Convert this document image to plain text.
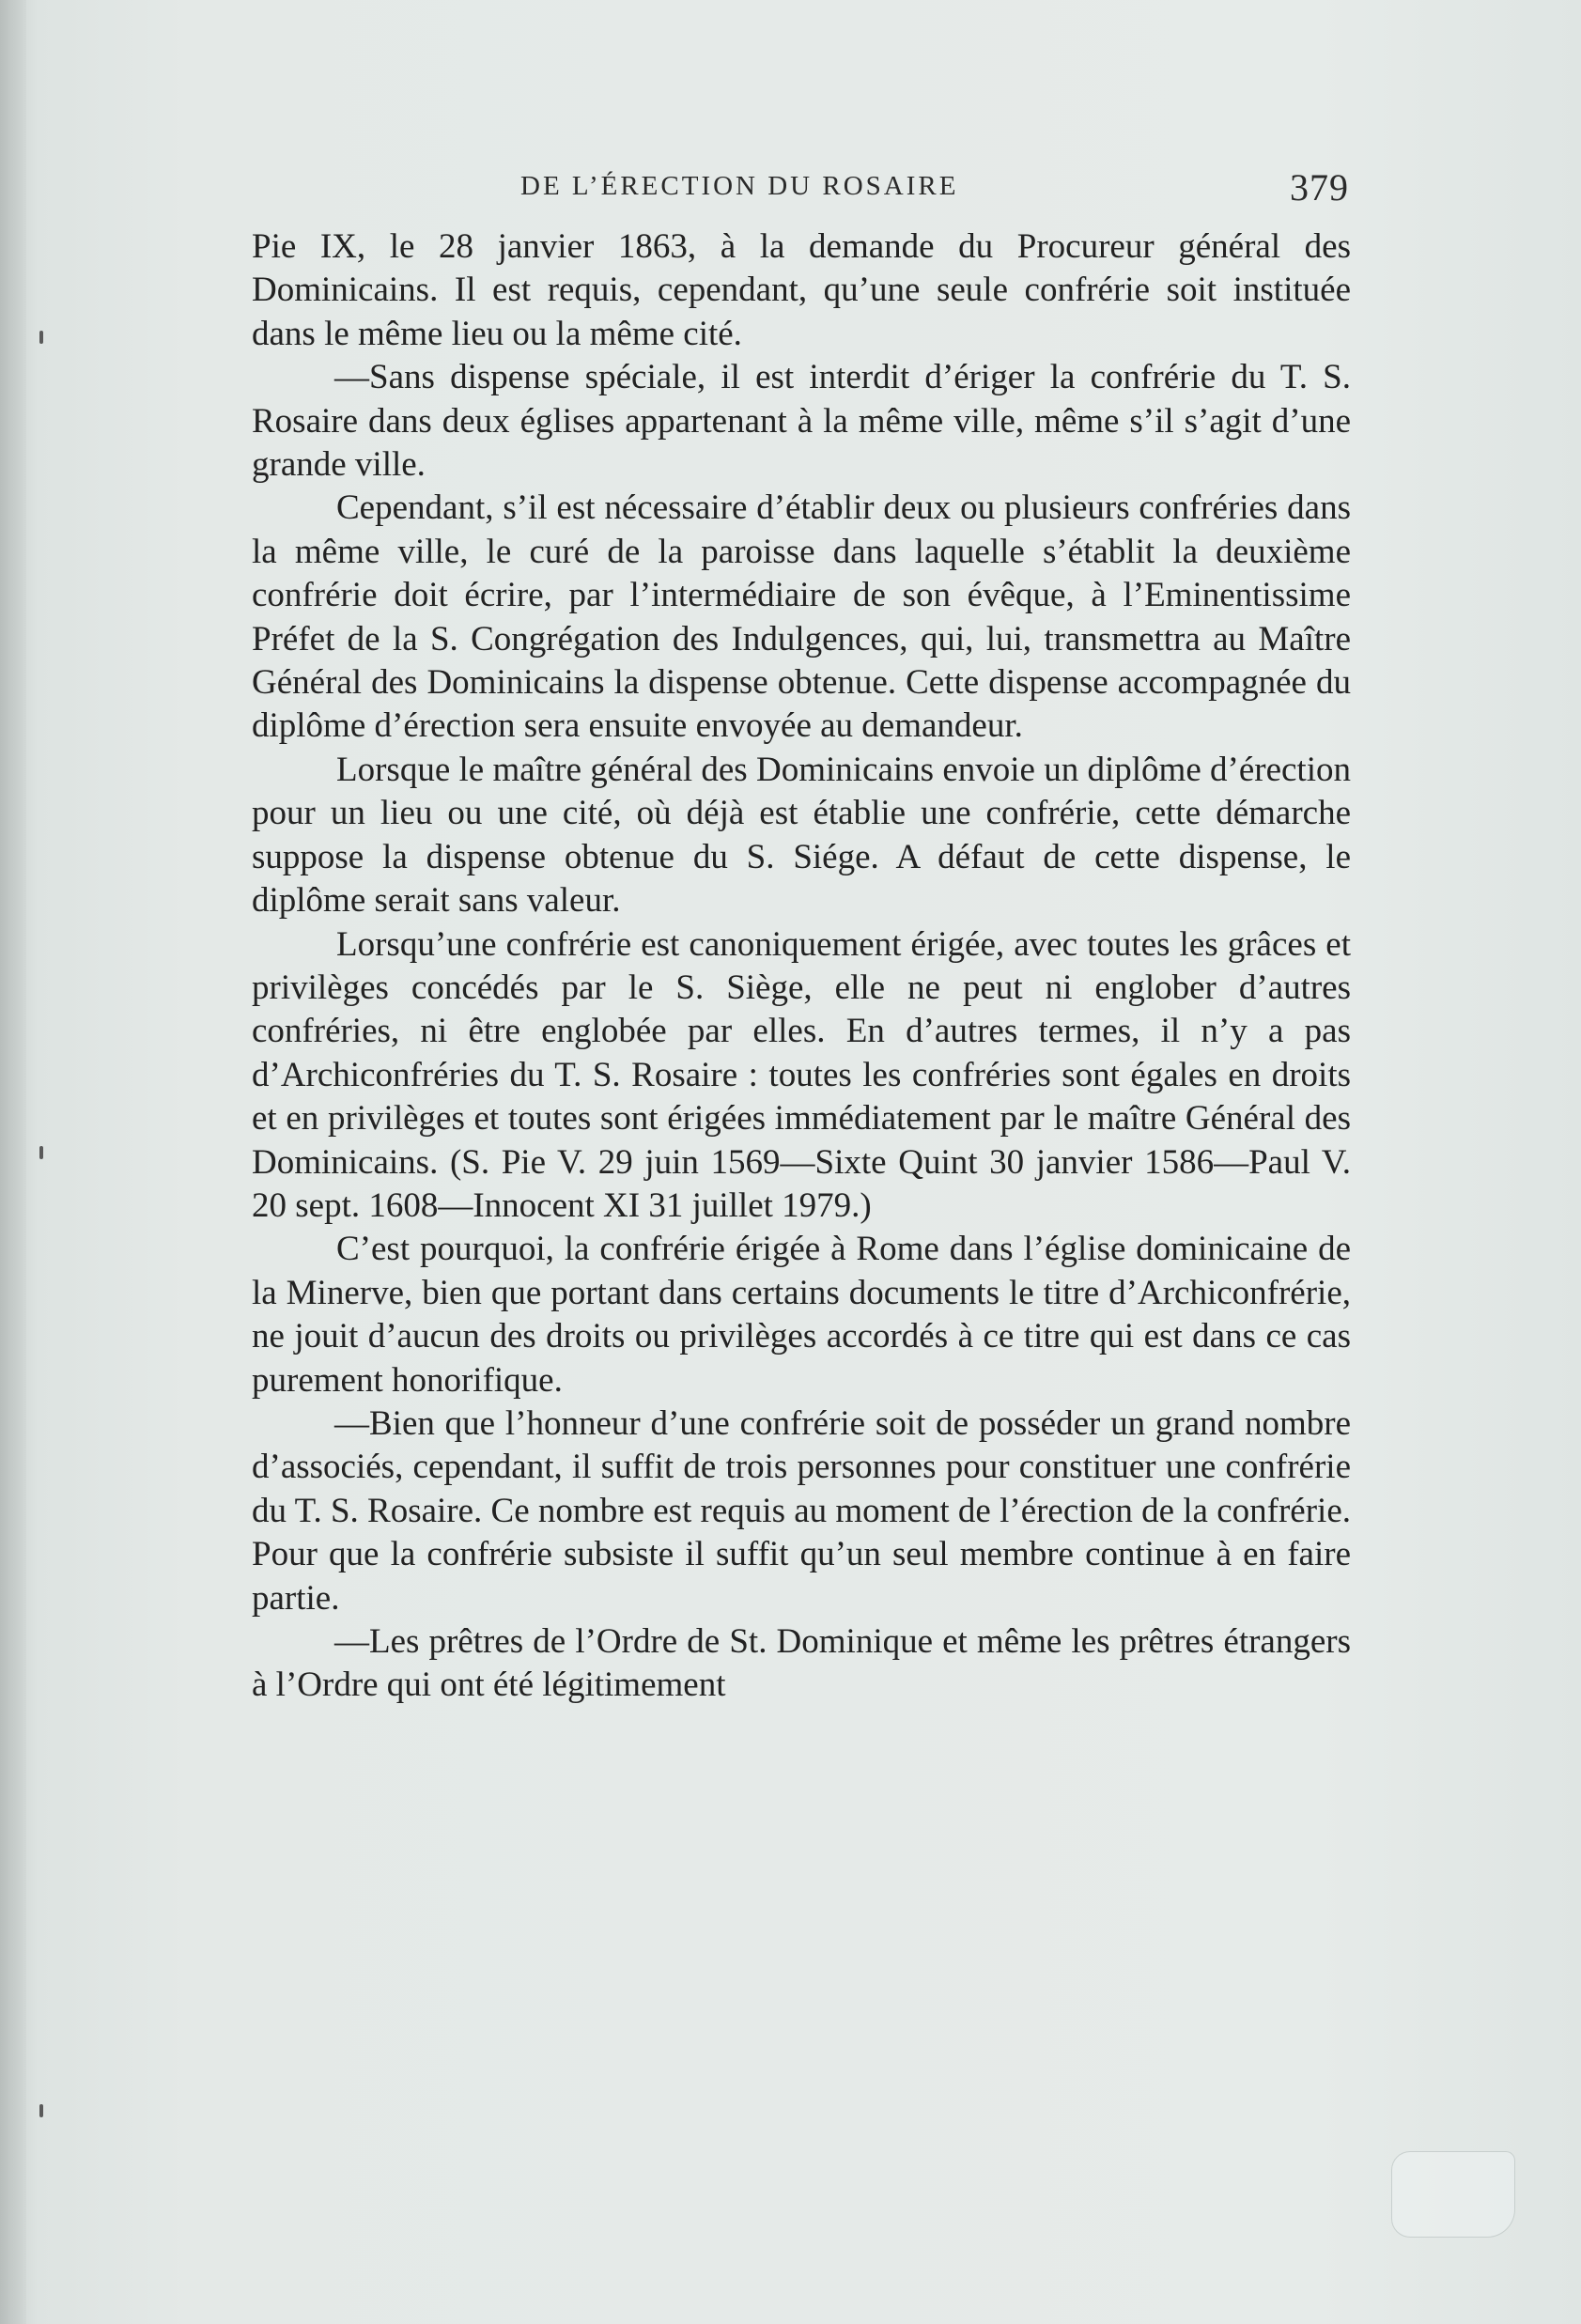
DE L’ÉRECTION DU ROSAIRE	379

Pie IX, le 28 janvier 1863, à la demande du Procureur général des Dominicains. Il est requis, cependant, qu’une seule confrérie soit instituée dans le même lieu ou la même cité.

—Sans dispense spéciale, il est interdit d’ériger la confrérie du T. S. Rosaire dans deux églises appartenant à la même ville, même s’il s’agit d’une grande ville.

Cependant, s’il est nécessaire d’établir deux ou plusieurs confréries dans la même ville, le curé de la paroisse dans laquelle s’établit la deuxième confrérie doit écrire, par l’intermédiaire de son évêque, à l’Eminentissime Préfet de la S. Congrégation des Indulgences, qui, lui, transmettra au Maître Général des Dominicains la dispense obtenue. Cette dispense accompagnée du diplôme d’érection sera ensuite envoyée au demandeur.

Lorsque le maître général des Dominicains envoie un diplôme d’érection pour un lieu ou une cité, où déjà est établie une confrérie, cette démarche suppose la dispense obtenue du S. Siége. A défaut de cette dispense, le diplôme serait sans valeur.

Lorsqu’une confrérie est canoniquement érigée, avec toutes les grâces et privilèges concédés par le S. Siège, elle ne peut ni englober d’autres confréries, ni être englobée par elles. En d’autres termes, il n’y a pas d’Archiconfréries du T. S. Rosaire : toutes les confréries sont égales en droits et en privilèges et toutes sont érigées immédiatement par le maître Général des Dominicains. (S. Pie V. 29 juin 1569—Sixte Quint 30 janvier 1586—Paul V. 20 sept. 1608—Innocent XI 31 juillet 1979.)

C’est pourquoi, la confrérie érigée à Rome dans l’église dominicaine de la Minerve, bien que portant dans certains documents le titre d’Archiconfrérie, ne jouit d’aucun des droits ou privilèges accordés à ce titre qui est dans ce cas purement honorifique.

—Bien que l’honneur d’une confrérie soit de posséder un grand nombre d’associés, cependant, il suffit de trois personnes pour constituer une confrérie du T. S. Rosaire. Ce nombre est requis au moment de l’érection de la confrérie. Pour que la confrérie subsiste il suffit qu’un seul membre continue à en faire partie.

—Les prêtres de l’Ordre de St. Dominique et même les prêtres étrangers à l’Ordre qui ont été légitimement
